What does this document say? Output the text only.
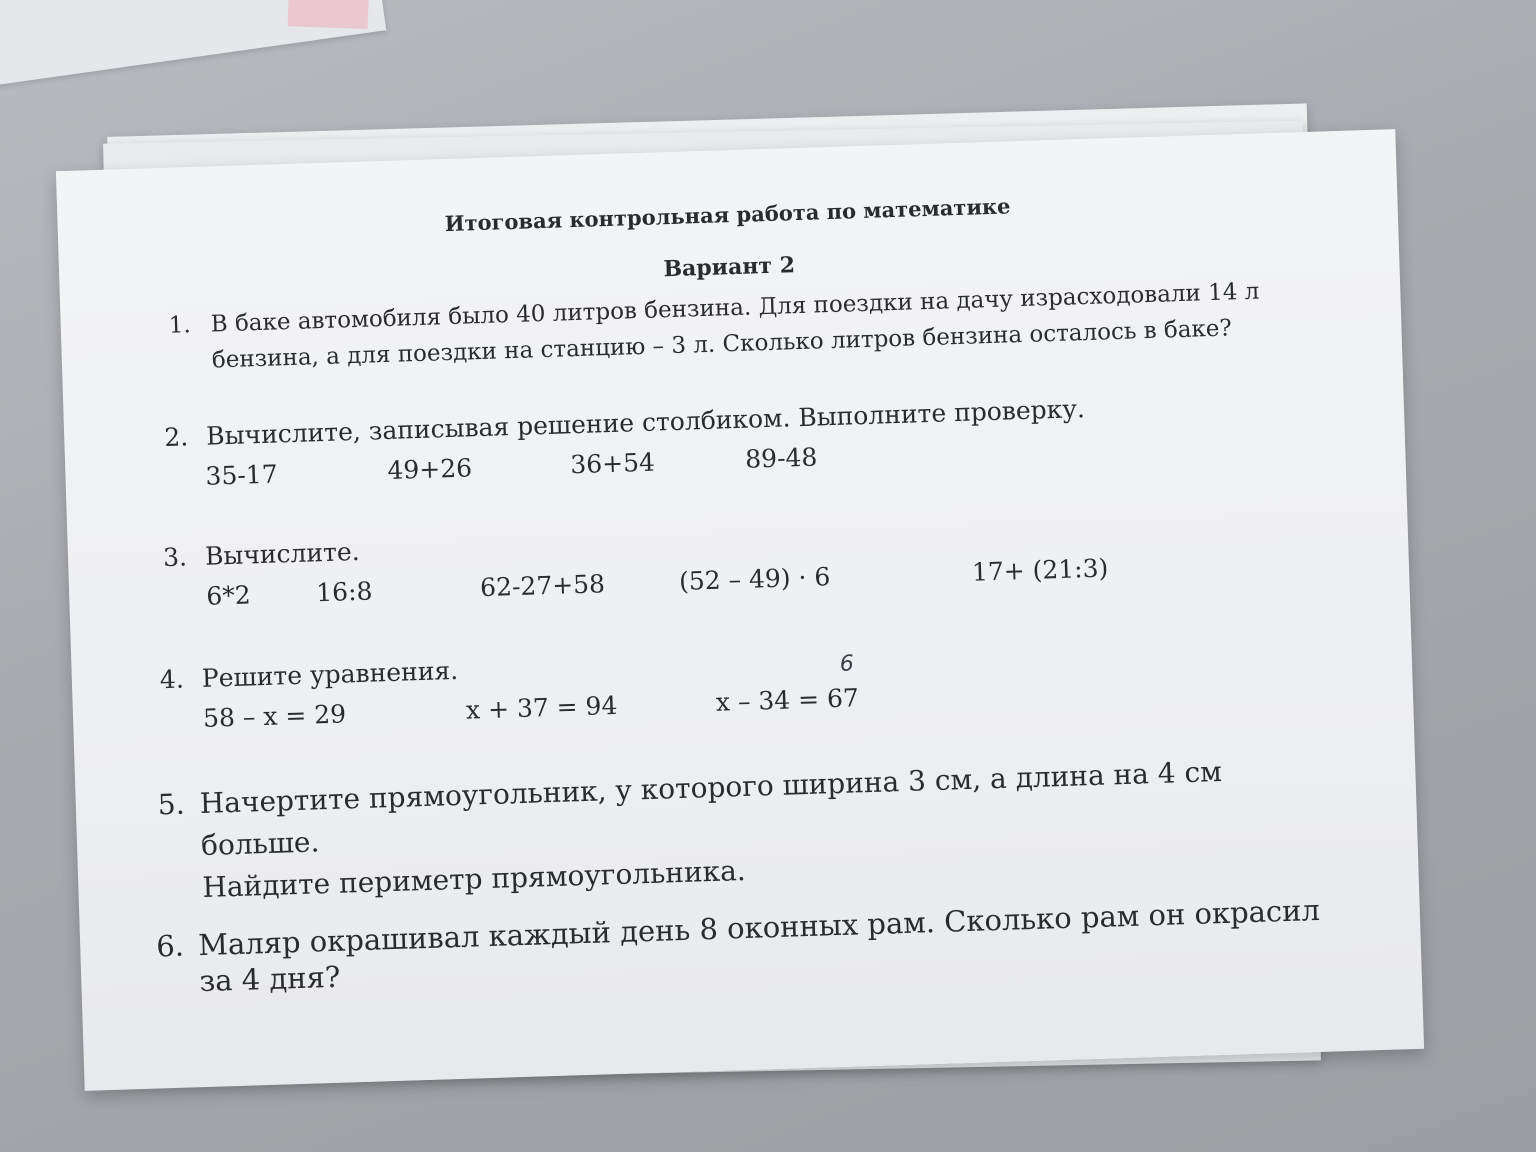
Итоговая контрольная работа по математике
Вариант 2
1. В баке автомобиля было 40 литров бензина. Для поездки на дачу израсходовали 14 л бензина, а для поездки на станцию – 3 л. Сколько литров бензина осталось в баке?
2. Вычислите, записывая решение столбиком. Выполните проверку.
35-17	49+26	36+54	89-48
3. Вычислите.
6*2	16:8	62-27+58	(52 – 49) · 6	17+ (21:3)
4. Решите уравнения.
58 – x = 29	x + 37 = 94	x – 34 = 67
6
5. Начертите прямоугольник, у которого ширина 3 см, а длина на 4 см больше.
Найдите периметр прямоугольника.
6. Маляр окрашивал каждый день 8 оконных рам. Сколько рам он окрасил за 4 дня?
